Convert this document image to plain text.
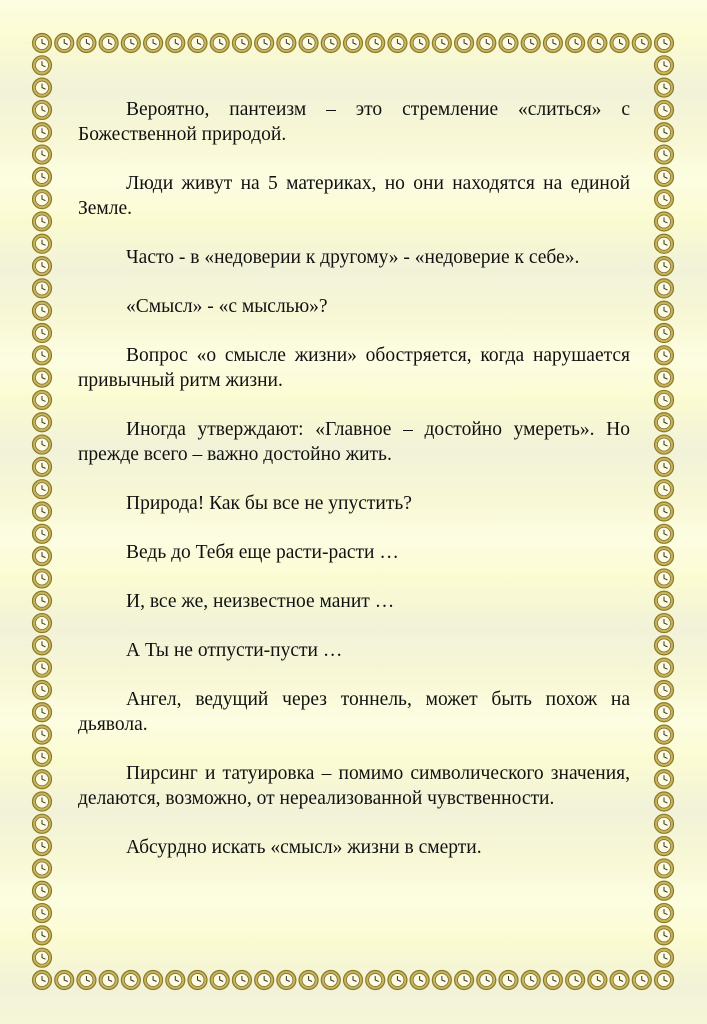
Вероятно, пантеизм – это стремление «слиться» с Божественной природой.

Люди живут на 5 материках, но они находятся на единой Земле.

Часто - в «недоверии к другому» - «недоверие к себе».

«Смысл» - «с мыслью»?

Вопрос «о смысле жизни» обостряется, когда нарушается привычный ритм жизни.

Иногда утверждают: «Главное – достойно умереть». Но прежде всего – важно достойно жить.

Природа! Как бы все не упустить?

Ведь до Тебя еще расти-расти …

И, все же, неизвестное манит …

А Ты не отпусти-пусти …

Ангел, ведущий через тоннель, может быть похож на дьявола.

Пирсинг и татуировка – помимо символического значения, делаются, возможно, от нереализованной чувственности.

Абсурдно искать «смысл» жизни в смерти.
